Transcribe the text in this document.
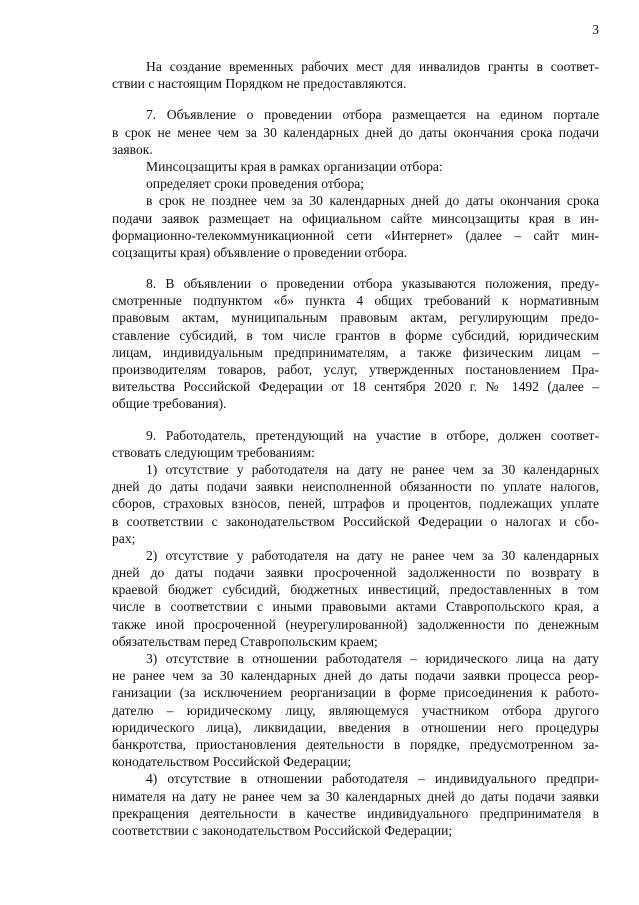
3
На создание временных рабочих мест для инвалидов гранты в соответ-
ствии с настоящим Порядком не предоставляются.
7. Объявление о проведении отбора размещается на едином портале
в срок не менее чем за 30 календарных дней до даты окончания срока подачи
заявок.
Минсоцзащиты края в рамках организации отбора:
определяет сроки проведения отбора;
в срок не позднее чем за 30 календарных дней до даты окончания срока
подачи заявок размещает на официальном сайте минсоцзащиты края в ин-
формационно-телекоммуникационной сети «Интернет» (далее – сайт мин-
соцзащиты края) объявление о проведении отбора.
8. В объявлении о проведении отбора указываются положения, преду-
смотренные подпунктом «б» пункта 4 общих требований к нормативным
правовым актам, муниципальным правовым актам, регулирующим предо-
ставление субсидий, в том числе грантов в форме субсидий, юридическим
лицам, индивидуальным предпринимателям, а также физическим лицам –
производителям товаров, работ, услуг, утвержденных постановлением Пра-
вительства Российской Федерации от 18 сентября 2020 г. № 1492 (далее –
общие требования).
9. Работодатель, претендующий на участие в отборе, должен соответ-
ствовать следующим требованиям:
1) отсутствие у работодателя на дату не ранее чем за 30 календарных
дней до даты подачи заявки неисполненной обязанности по уплате налогов,
сборов, страховых взносов, пеней, штрафов и процентов, подлежащих уплате
в соответствии с законодательством Российской Федерации о налогах и сбо-
рах;
2) отсутствие у работодателя на дату не ранее чем за 30 календарных
дней до даты подачи заявки просроченной задолженности по возврату в
краевой бюджет субсидий, бюджетных инвестиций, предоставленных в том
числе в соответствии с иными правовыми актами Ставропольского края, а
также иной просроченной (неурегулированной) задолженности по денежным
обязательствам перед Ставропольским краем;
3) отсутствие в отношении работодателя – юридического лица на дату
не ранее чем за 30 календарных дней до даты подачи заявки процесса реор-
ганизации (за исключением реорганизации в форме присоединения к работо-
дателю – юридическому лицу, являющемуся участником отбора другого
юридического лица), ликвидации, введения в отношении него процедуры
банкротства, приостановления деятельности в порядке, предусмотренном за-
конодательством Российской Федерации;
4) отсутствие в отношении работодателя – индивидуального предпри-
нимателя на дату не ранее чем за 30 календарных дней до даты подачи заявки
прекращения деятельности в качестве индивидуального предпринимателя в
соответствии с законодательством Российской Федерации;
